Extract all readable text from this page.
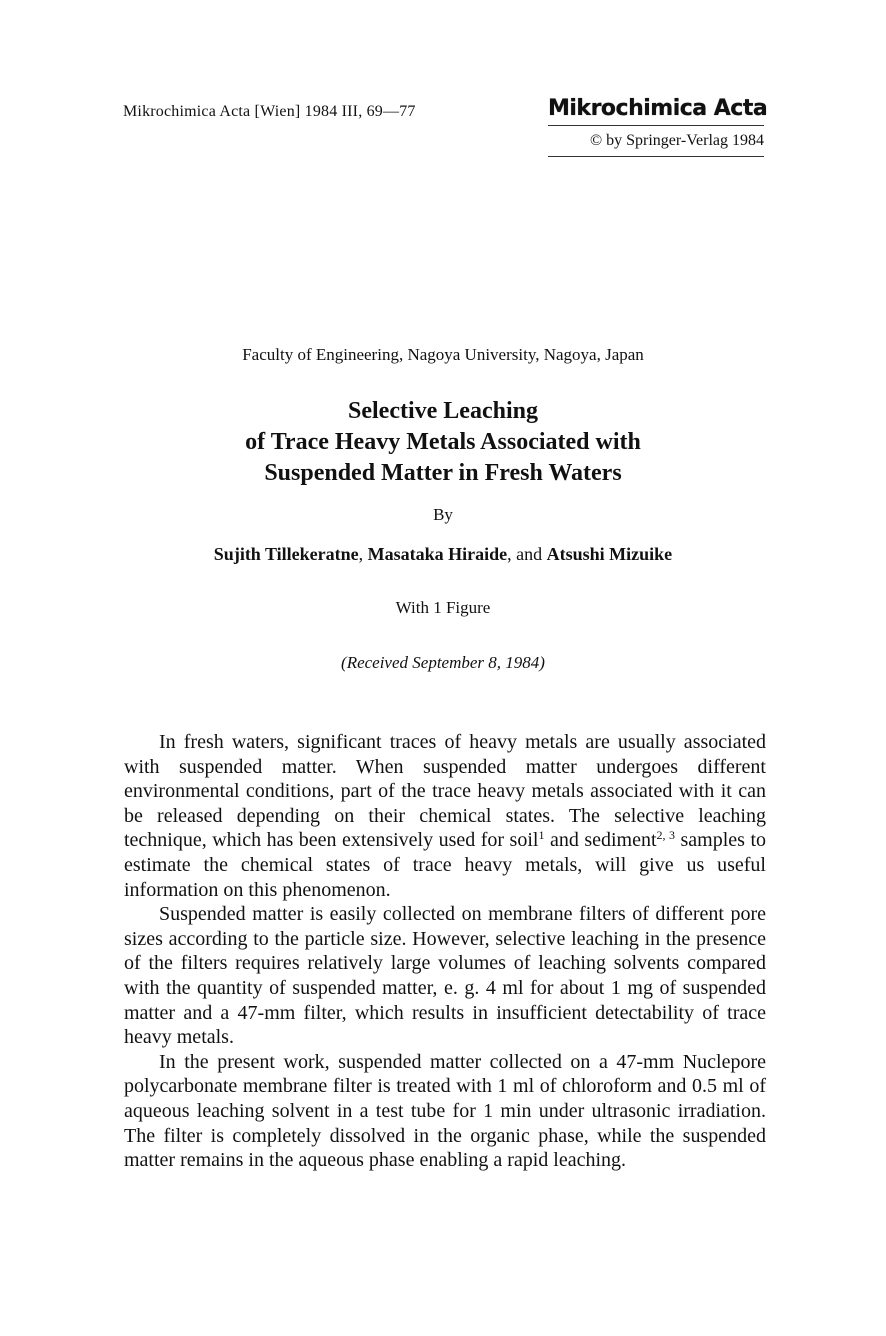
Mikrochimica Acta [Wien] 1984 III, 69—77	Mikrochimica Acta
© by Springer-Verlag 1984
Faculty of Engineering, Nagoya University, Nagoya, Japan
Selective Leaching
of Trace Heavy Metals Associated with
Suspended Matter in Fresh Waters
By
Sujith Tillekeratne, Masataka Hiraide, and Atsushi Mizuike
With 1 Figure
(Received September 8, 1984)

In fresh waters, significant traces of heavy metals are usually associated with suspended matter. When suspended matter undergoes different environmental conditions, part of the trace heavy metals associated with it can be released depending on their chemical states. The selective leaching technique, which has been extensively used for soil$^1$ and sediment$^{2, 3}$ samples to estimate the chemical states of trace heavy metals, will give us useful information on this phenomenon.

Suspended matter is easily collected on membrane filters of different pore sizes according to the particle size. However, selective leaching in the presence of the filters requires relatively large volumes of leaching solvents compared with the quantity of suspended matter, e. g. 4 ml for about 1 mg of suspended matter and a 47-mm filter, which results in insufficient detectability of trace heavy metals.

In the present work, suspended matter collected on a 47-mm Nuclepore polycarbonate membrane filter is treated with 1 ml of chloroform and 0.5 ml of aqueous leaching solvent in a test tube for 1 min under ultrasonic irradiation. The filter is completely dissolved in the organic phase, while the suspended matter remains in the aqueous phase enabling a rapid leaching.
